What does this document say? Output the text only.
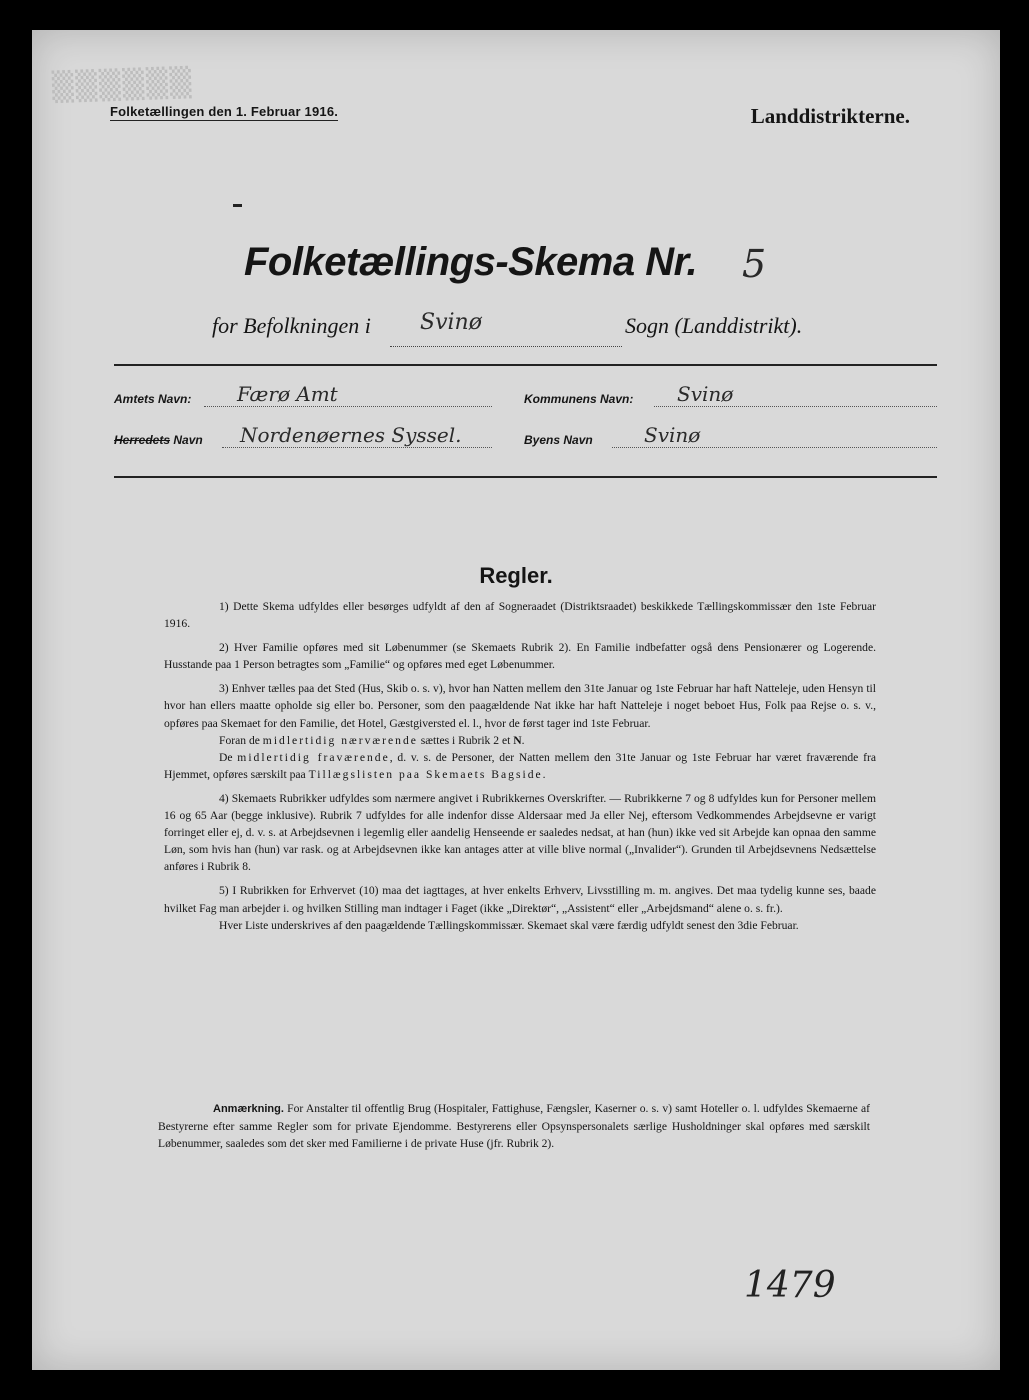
▒▒▒▒▒▒
Folketællingen den 1. Februar 1916.	Landdistrikterne.
Folketællings-Skema Nr. 5
for Befolkningen i Svinø	Sogn (Landdistrikt).
Amtets Navn: Færø Amt	Kommunens Navn: Svinø
Herredets Navn Nordenøernes Syssel.	Byens Navn	Svinø
Regler.

1) Dette Skema udfyldes eller besørges udfyldt af den af Sogneraadet (Distriktsraadet) beskikkede Tællingskommissær den 1ste Februar 1916.

2) Hver Familie opføres med sit Løbenummer (se Skemaets Rubrik 2). En Familie indbefatter også dens Pensionærer og Logerende. Husstande paa 1 Person betragtes som „Familie“ og opføres med eget Løbenummer.

3) Enhver tælles paa det Sted (Hus, Skib o. s. v), hvor han Natten mellem den 31te Januar og 1ste Februar har haft Natteleje, uden Hensyn til hvor han ellers maatte opholde sig eller bo. Personer, som den paagældende Nat ikke har haft Natteleje i noget beboet Hus, Folk paa Rejse o. s. v., opføres paa Skemaet for den Familie, det Hotel, Gæstgiversted el. l., hvor de først tager ind 1ste Februar.

Foran de midlertidig nærværende sættes i Rubrik 2 et N.

De midlertidig fraværende, d. v. s. de Personer, der Natten mellem den 31te Januar og 1ste Februar har været fraværende fra Hjemmet, opføres særskilt paa Tillægslisten paa Skemaets Bagside.

4) Skemaets Rubrikker udfyldes som nærmere angivet i Rubrikkernes Overskrifter. — Rubrikkerne 7 og 8 udfyldes kun for Personer mellem 16 og 65 Aar (begge inklusive). Rubrik 7 udfyldes for alle indenfor disse Aldersaar med Ja eller Nej, eftersom Vedkommendes Arbejdsevne er varigt forringet eller ej, d. v. s. at Arbejdsevnen i legemlig eller aandelig Henseende er saaledes nedsat, at han (hun) ikke ved sit Arbejde kan opnaa den samme Løn, som hvis han (hun) var rask. og at Arbejdsevnen ikke kan antages atter at ville blive normal („Invalider“). Grunden til Arbejdsevnens Nedsættelse anføres i Rubrik 8.

5) I Rubrikken for Erhvervet (10) maa det iagttages, at hver enkelts Erhverv, Livsstilling m. m. angives. Det maa tydelig kunne ses, baade hvilket Fag man arbejder i. og hvilken Stilling man indtager i Faget (ikke „Direktør“, „Assistent“ eller „Arbejdsmand“ alene o. s. fr.).

Hver Liste underskrives af den paagældende Tællingskommissær. Skemaet skal være færdig udfyldt senest den 3die Februar.

Anmærkning. For Anstalter til offentlig Brug (Hospitaler, Fattighuse, Fængsler, Kaserner o. s. v) samt Hoteller o. l. udfyldes Skemaerne af Bestyrerne efter samme Regler som for private Ejendomme. Bestyrerens eller Opsynspersonalets særlige Husholdninger skal opføres med særskilt Løbenummer, saaledes som det sker med Familierne i de private Huse (jfr. Rubrik 2).
1479
